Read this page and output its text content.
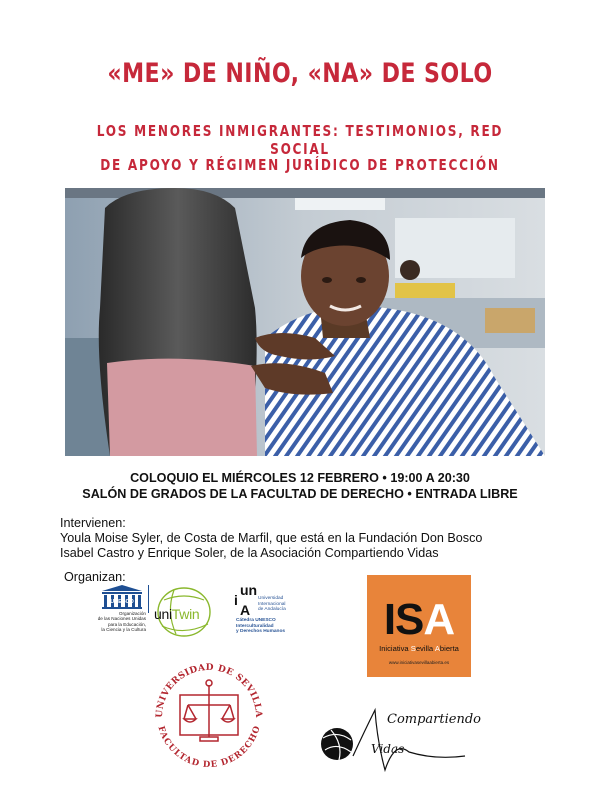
«ME» DE NIÑO, «NA» DE SOLO
LOS MENORES INMIGRANTES: TESTIMONIOS, RED SOCIAL
DE APOYO Y RÉGIMEN JURÍDICO DE PROTECCIÓN
COLOQUIO EL MIÉRCOLES 12 FEBRERO • 19:00 A 20:30
SALÓN DE GRADOS DE LA FACULTAD DE DERECHO • ENTRADA LIBRE
Intervienen:
Youla Moise Syler, de Costa de Marfil, que está en la Fundación Don Bosco
Isabel Castro y Enrique Soler, de la Asociación Compartiendo Vidas
Organizan:
UNESCO
Organización
de las Naciones Unidas
para la Educación,
la Ciencia y la Cultura
uniTwin
un
i
A
Universidad
Internacional
de Andalucía
Cátedra UNESCO
Interculturalidad
y Derechos Humanos	ISA
Iniciativa Sevilla Abierta
www.iniciativasevillaabierta.es
UNIVERSIDAD DE SEVILLA
FACULTAD DE DERECHO
Compartiendo
Vidas
